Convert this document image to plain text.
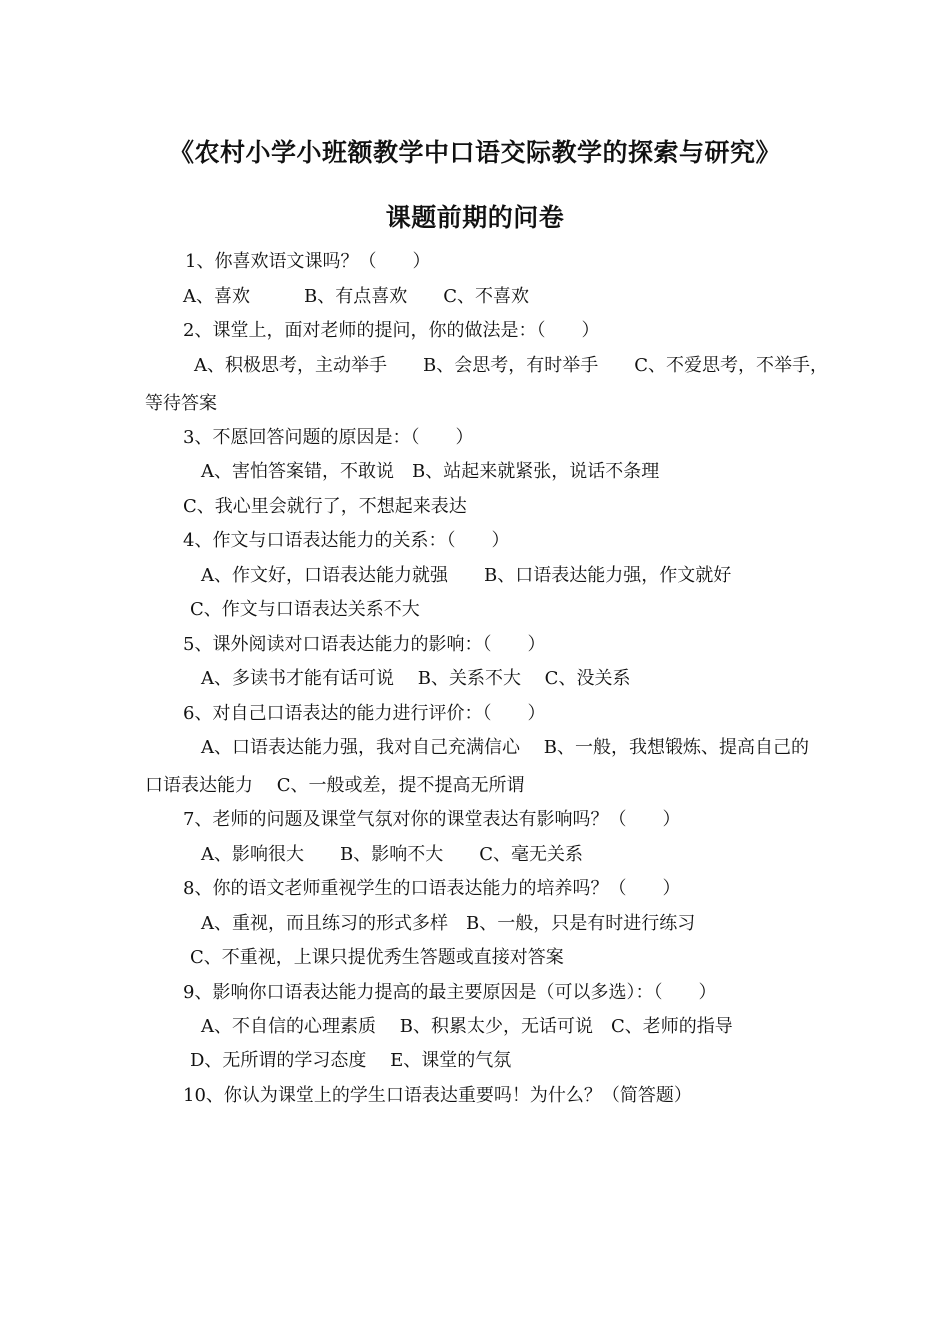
《农村小学小班额教学中口语交际教学的探索与研究》
课题前期的问卷
1、你喜欢语文课吗？（　　）
A、喜欢　　　B、有点喜欢　　C、不喜欢
2、课堂上，面对老师的提问，你的做法是：（　　）
A、积极思考，主动举手　　B、会思考，有时举手　　C、不爱思考，不举手，
等待答案
3、不愿回答问题的原因是：（　　）
A、害怕答案错，不敢说　B、站起来就紧张，说话不条理
C、我心里会就行了，不想起来表达
4、作文与口语表达能力的关系：（　　）
A、作文好，口语表达能力就强　　B、口语表达能力强，作文就好
C、作文与口语表达关系不大
5、课外阅读对口语表达能力的影响：（　　）
A、多读书才能有话可说　 B、关系不大　 C、没关系
6、对自己口语表达的能力进行评价：（　　）
A、口语表达能力强，我对自己充满信心　 B、一般，我想锻炼、提高自己的
口语表达能力　 C、一般或差，提不提高无所谓
7、老师的问题及课堂气氛对你的课堂表达有影响吗？（　　）
A、影响很大　　B、影响不大　　C、毫无关系
8、你的语文老师重视学生的口语表达能力的培养吗？（　　）
A、重视，而且练习的形式多样　B、一般，只是有时进行练习
C、不重视，上课只提优秀生答题或直接对答案
9、影响你口语表达能力提高的最主要原因是（可以多选）：（　　）
A、不自信的心理素质　 B、积累太少，无话可说　C、老师的指导
D、无所谓的学习态度　 E、课堂的气氛
10、你认为课堂上的学生口语表达重要吗！为什么？（简答题）
